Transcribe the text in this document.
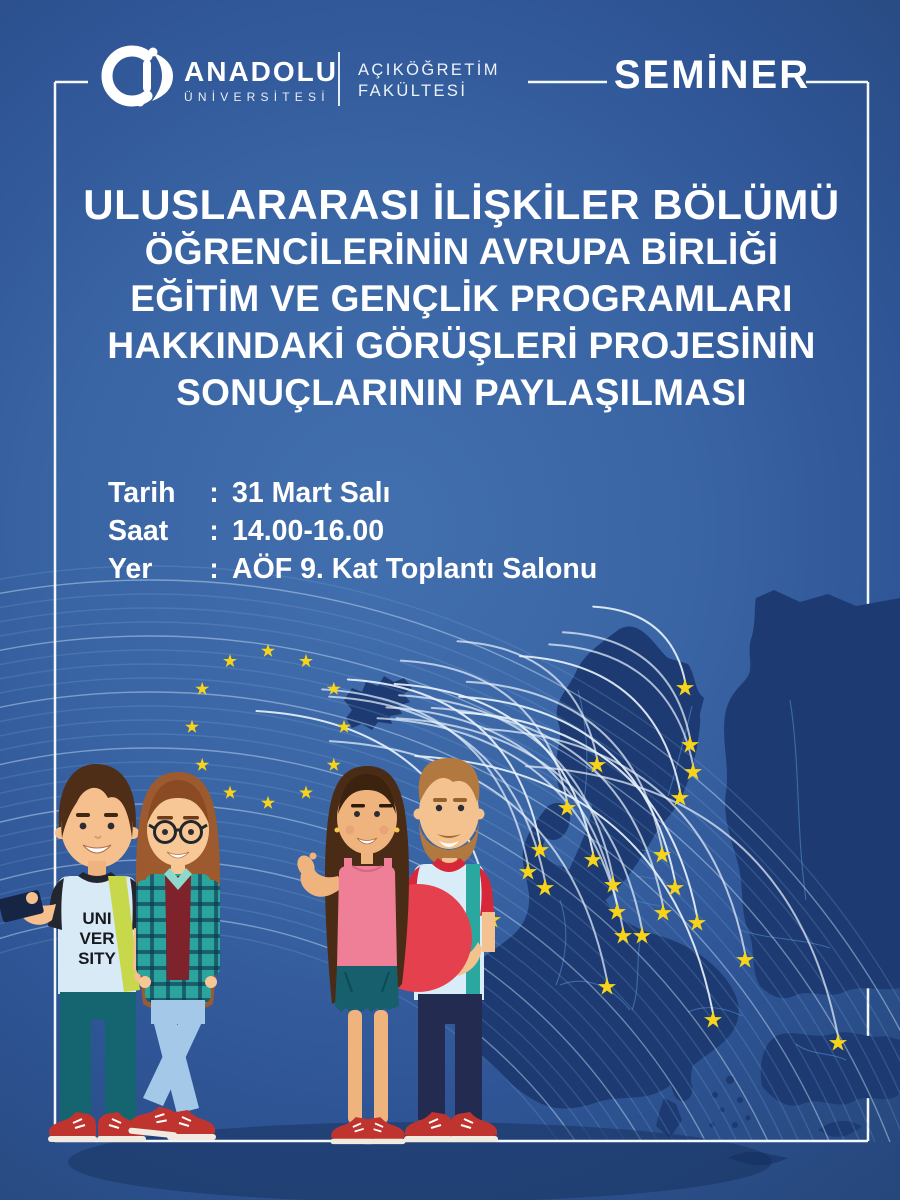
UNI
VER
SITY
ANADOLU
ÜNİVERSİTESİ
AÇIKÖĞRETİM
FAKÜLTESİ	SEMİNER
ULUSLARARASI İLİŞKİLER BÖLÜMÜ
ÖĞRENCİLERİNİN AVRUPA BİRLİĞİ
EĞİTİM VE GENÇLİK PROGRAMLARI
HAKKINDAKİ GÖRÜŞLERİ PROJESİNİN
SONUÇLARININ PAYLAŞILMASI
Tarih	: 31 Mart Salı
Saat	: 14.00-16.00
Yer	: AÖF 9. Kat Toplantı Salonu
